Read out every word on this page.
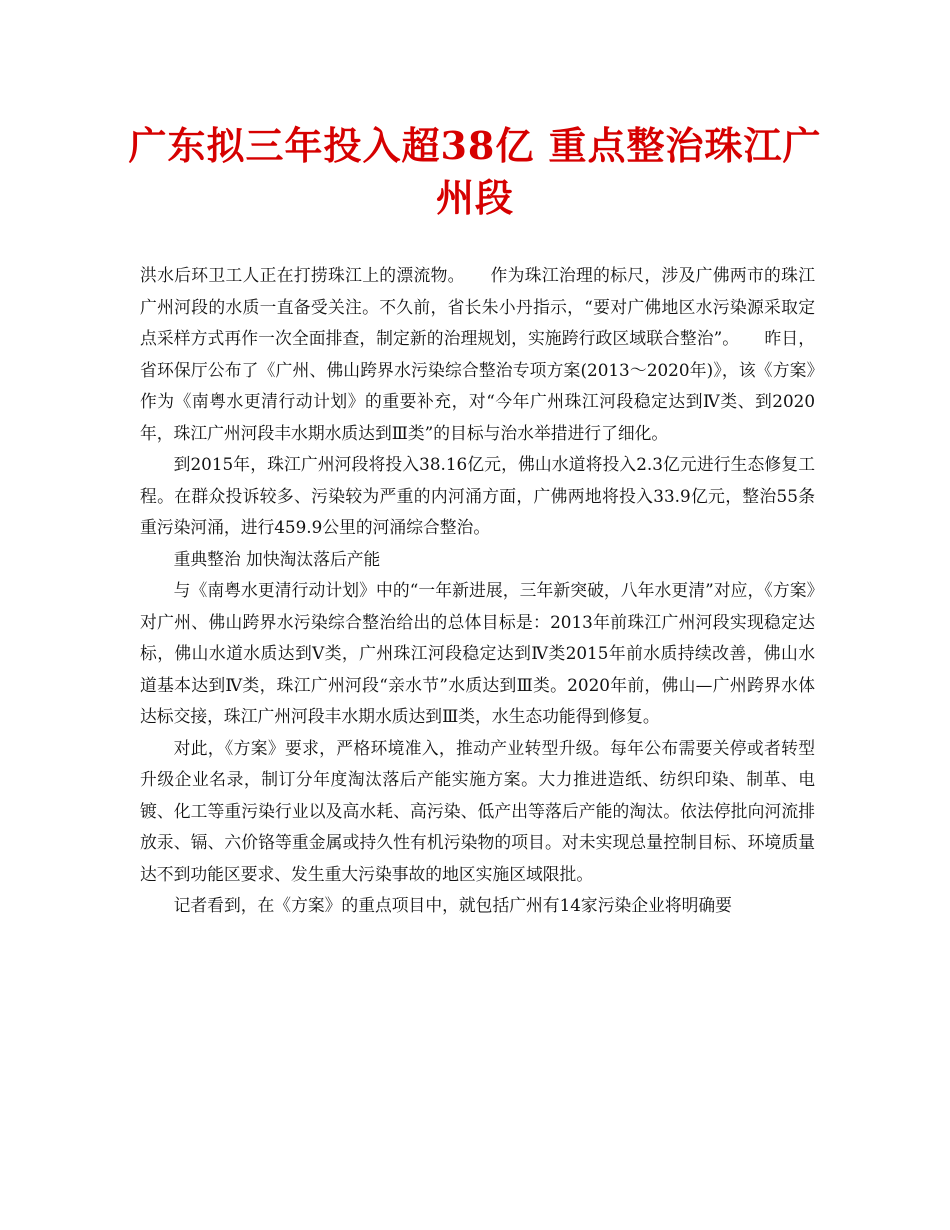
广东拟三年投入超38亿 重点整治珠江广州段

洪水后环卫工人正在打捞珠江上的漂流物。　　作为珠江治理的标尺，涉及广佛两市的珠江广州河段的水质一直备受关注。不久前，省长朱小丹指示，“要对广佛地区水污染源采取定点采样方式再作一次全面排查，制定新的治理规划，实施跨行政区域联合整治”。　　昨日，省环保厅公布了《广州、佛山跨界水污染综合整治专项方案(2013～2020年)》，该《方案》作为《南粤水更清行动计划》的重要补充，对“今年广州珠江河段稳定达到Ⅳ类、到2020年，珠江广州河段丰水期水质达到Ⅲ类”的目标与治水举措进行了细化。

到2015年，珠江广州河段将投入38.16亿元，佛山水道将投入2.3亿元进行生态修复工程。在群众投诉较多、污染较为严重的内河涌方面，广佛两地将投入33.9亿元，整治55条重污染河涌，进行459.9公里的河涌综合整治。

重典整治 加快淘汰落后产能

与《南粤水更清行动计划》中的“一年新进展，三年新突破，八年水更清”对应，《方案》对广州、佛山跨界水污染综合整治给出的总体目标是：2013年前珠江广州河段实现稳定达标，佛山水道水质达到Ⅴ类，广州珠江河段稳定达到Ⅳ类2015年前水质持续改善，佛山水道基本达到Ⅳ类，珠江广州河段“亲水节”水质达到Ⅲ类。2020年前，佛山—广州跨界水体达标交接，珠江广州河段丰水期水质达到Ⅲ类，水生态功能得到修复。

对此，《方案》要求，严格环境准入，推动产业转型升级。每年公布需要关停或者转型升级企业名录，制订分年度淘汰落后产能实施方案。大力推进造纸、纺织印染、制革、电镀、化工等重污染行业以及高水耗、高污染、低产出等落后产能的淘汰。依法停批向河流排放汞、镉、六价铬等重金属或持久性有机污染物的项目。对未实现总量控制目标、环境质量达不到功能区要求、发生重大污染事故的地区实施区域限批。

记者看到，在《方案》的重点项目中，就包括广州有14家污染企业将明确要
